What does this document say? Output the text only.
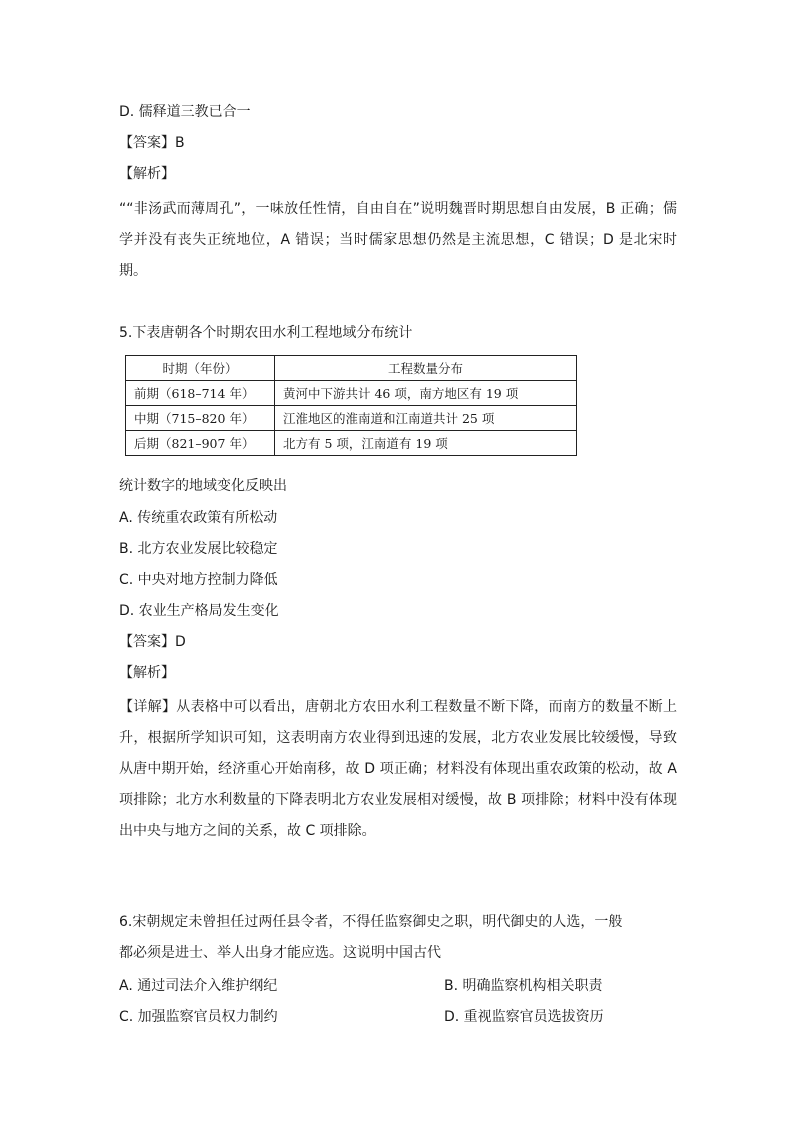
D. 儒释道三教已合一
【答案】B
【解析】
““非汤武而薄周孔”，一味放任性情，自由自在”说明魏晋时期思想自由发展，B 正确；儒学并没有丧失正统地位，A 错误；当时儒家思想仍然是主流思想，C 错误；D 是北宋时期。
5.下表唐朝各个时期农田水利工程地域分布统计
时期（年份）	工程数量分布
前期（618–714 年）	黄河中下游共计 46 项，南方地区有 19 项
中期（715–820 年）	江淮地区的淮南道和江南道共计 25 项
后期（821–907 年）	北方有 5 项，江南道有 19 项
统计数字的地域变化反映出
A. 传统重农政策有所松动
B. 北方农业发展比较稳定
C. 中央对地方控制力降低
D. 农业生产格局发生变化
【答案】D
【解析】
【详解】从表格中可以看出，唐朝北方农田水利工程数量不断下降，而南方的数量不断上升，根据所学知识可知，这表明南方农业得到迅速的发展，北方农业发展比较缓慢，导致从唐中期开始，经济重心开始南移，故 D 项正确；材料没有体现出重农政策的松动，故 A 项排除；北方水利数量的下降表明北方农业发展相对缓慢，故 B 项排除；材料中没有体现出中央与地方之间的关系，故 C 项排除。
6.宋朝规定未曾担任过两任县令者，不得任监察御史之职，明代御史的人选，一般
都必须是进士、举人出身才能应选。这说明中国古代
A. 通过司法介入维护纲纪	B. 明确监察机构相关职责
C. 加强监察官员权力制约	D. 重视监察官员选拔资历
